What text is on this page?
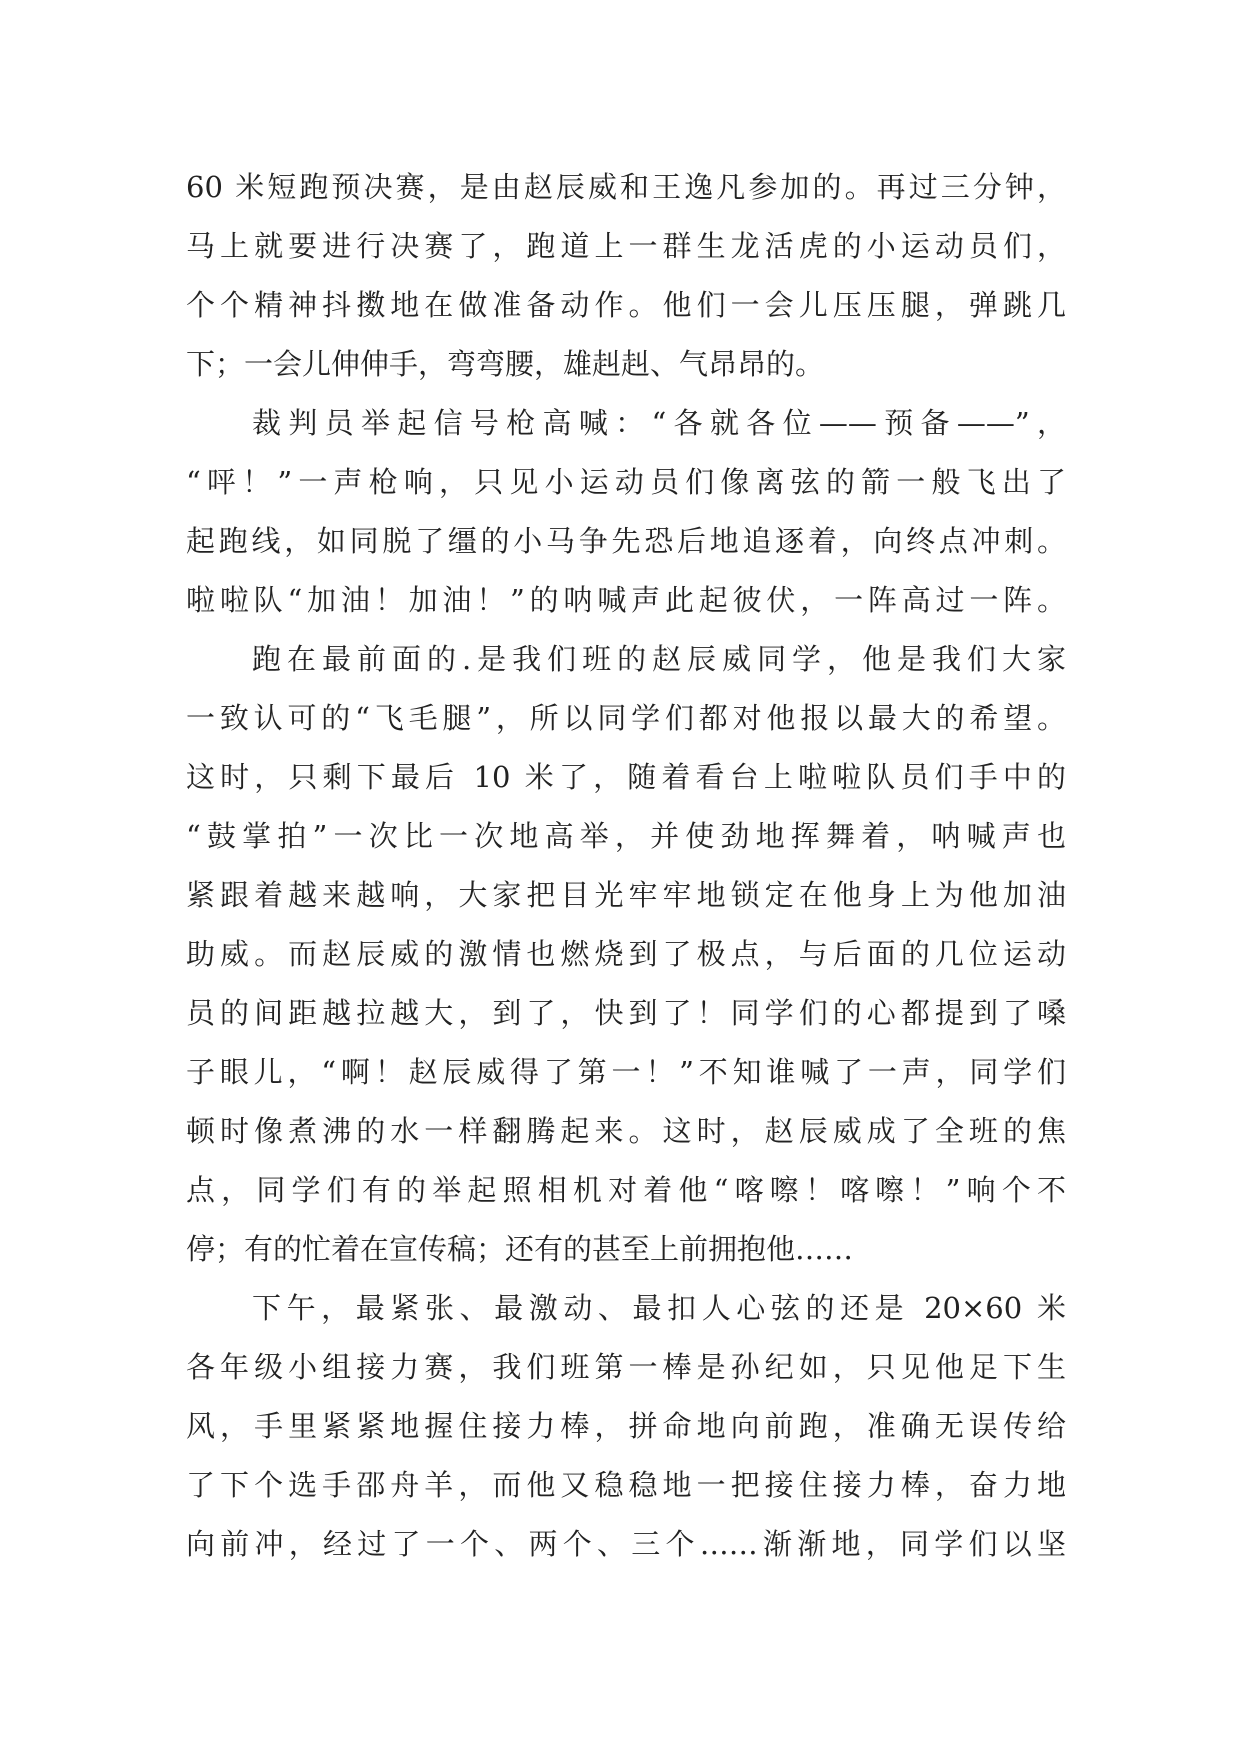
60 米短跑预决赛，是由赵辰威和王逸凡参加的。再过三分钟，
马上就要进行决赛了，跑道上一群生龙活虎的小运动员们，
个个精神抖擞地在做准备动作。他们一会儿压压腿，弹跳几
下；一会儿伸伸手，弯弯腰，雄赳赳、气昂昂的。
裁判员举起信号枪高喊：“各就各位——预备——”，
“呯！”一声枪响，只见小运动员们像离弦的箭一般飞出了
起跑线，如同脱了缰的小马争先恐后地追逐着，向终点冲刺。
啦啦队“加油！加油！”的呐喊声此起彼伏，一阵高过一阵。
跑在最前面的.是我们班的赵辰威同学，他是我们大家
一致认可的“飞毛腿”，所以同学们都对他报以最大的希望。
这时，只剩下最后 10 米了，随着看台上啦啦队员们手中的
“鼓掌拍”一次比一次地高举，并使劲地挥舞着，呐喊声也
紧跟着越来越响，大家把目光牢牢地锁定在他身上为他加油
助威。而赵辰威的激情也燃烧到了极点，与后面的几位运动
员的间距越拉越大，到了，快到了！同学们的心都提到了嗓
子眼儿，“啊！赵辰威得了第一！”不知谁喊了一声，同学们
顿时像煮沸的水一样翻腾起来。这时，赵辰威成了全班的焦
点，同学们有的举起照相机对着他“喀嚓！喀嚓！”响个不
停；有的忙着在宣传稿；还有的甚至上前拥抱他……
下午，最紧张、最激动、最扣人心弦的还是 20×60 米
各年级小组接力赛，我们班第一棒是孙纪如，只见他足下生
风，手里紧紧地握住接力棒，拼命地向前跑，准确无误传给
了下个选手邵舟羊，而他又稳稳地一把接住接力棒，奋力地
向前冲，经过了一个、两个、三个……渐渐地，同学们以坚
